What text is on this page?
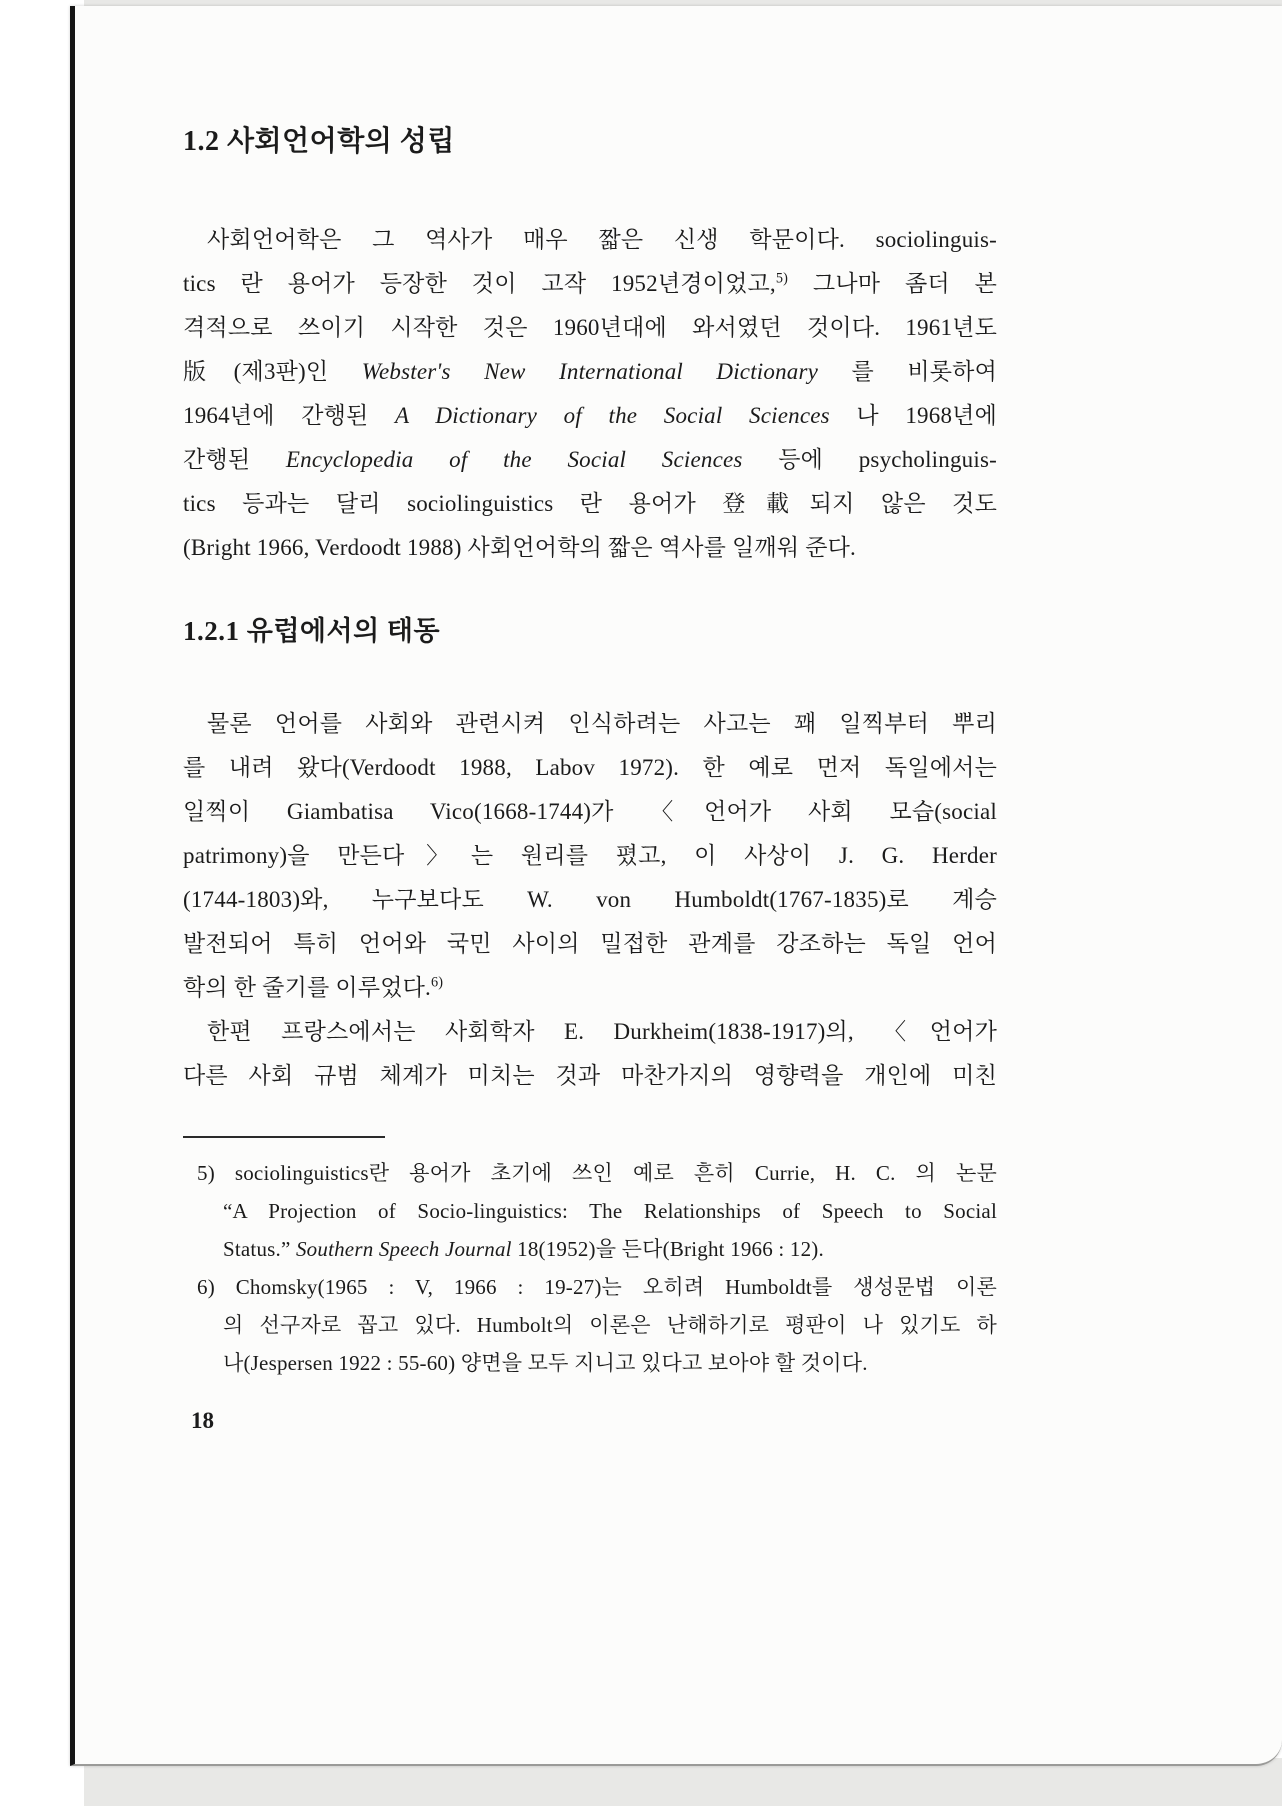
1.2 사회언어학의 성립
사회언어학은 그 역사가 매우 짧은 신생 학문이다. sociolinguis-
tics 란 용어가 등장한 것이 고작 1952년경이었고,$^{5)}$ 그나마 좀더 본
격적으로 쓰이기 시작한 것은 1960년대에 와서였던 것이다. 1961년도
版(제3판)인 Webster's New International Dictionary 를 비롯하여
1964년에 간행된 A Dictionary of the Social Sciences 나 1968년에
간행된 Encyclopedia of the Social Sciences 등에 psycholinguis-
tics 등과는 달리 sociolinguistics 란 용어가 登載되지 않은 것도
(Bright 1966, Verdoodt 1988) 사회언어학의 짧은 역사를 일깨워 준다.
1.2.1 유럽에서의 태동
물론 언어를 사회와 관련시켜 인식하려는 사고는 꽤 일찍부터 뿌리
를 내려 왔다(Verdoodt 1988, Labov 1972). 한 예로 먼저 독일에서는
일찍이 Giambatisa Vico(1668-1744)가 〈언어가 사회 모습(social
patrimony)을 만든다〉는 원리를 폈고, 이 사상이 J. G. Herder
(1744-1803)와, 누구보다도 W. von Humboldt(1767-1835)로 계승
발전되어 특히 언어와 국민 사이의 밀접한 관계를 강조하는 독일 언어
학의 한 줄기를 이루었다.$^{6)}$
한편 프랑스에서는 사회학자 E. Durkheim(1838-1917)의, 〈언어가
다른 사회 규범 체계가 미치는 것과 마찬가지의 영향력을 개인에 미친
5) sociolinguistics란 용어가 초기에 쓰인 예로 흔히 Currie, H. C. 의 논문
“A Projection of Socio-linguistics: The Relationships of Speech to Social
Status.” Southern Speech Journal 18(1952)을 든다(Bright 1966 : 12).
6) Chomsky(1965 : V, 1966 : 19-27)는 오히려 Humboldt를 생성문법 이론
의 선구자로 꼽고 있다. Humbolt의 이론은 난해하기로 평판이 나 있기도 하
나(Jespersen 1922 : 55-60) 양면을 모두 지니고 있다고 보아야 할 것이다.
18
